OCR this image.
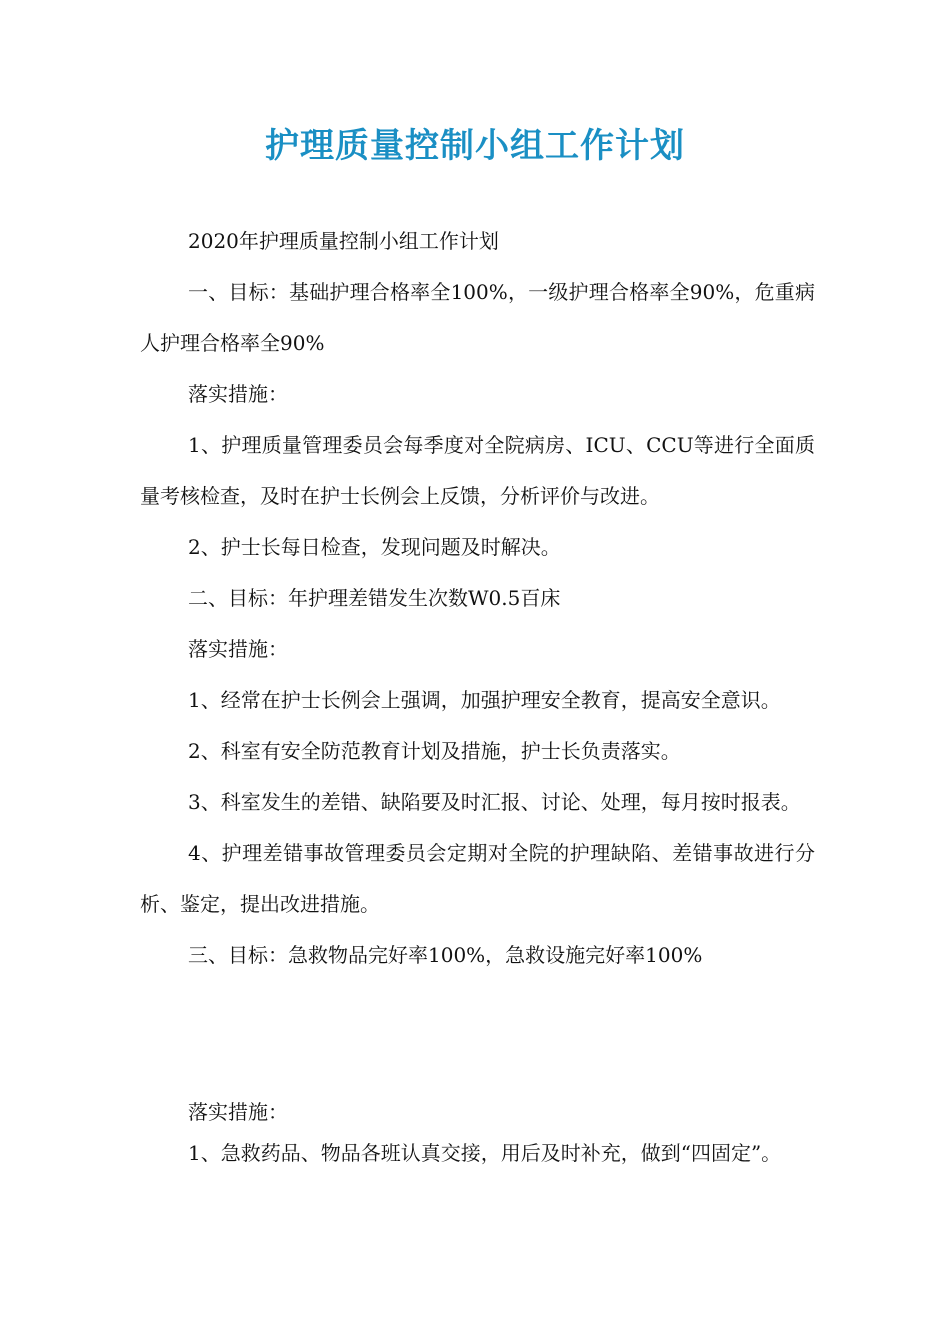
护理质量控制小组工作计划

2020年护理质量控制小组工作计划

一、目标：基础护理合格率全100%，一级护理合格率全90%，危重病人护理合格率全90%

落实措施：

1、护理质量管理委员会每季度对全院病房、ICU、CCU等进行全面质量考核检查，及时在护士长例会上反馈，分析评价与改进。

2、护士长每日检查，发现问题及时解决。

二、目标：年护理差错发生次数W0.5百床

落实措施：

1、经常在护士长例会上强调，加强护理安全教育，提高安全意识。

2、科室有安全防范教育计划及措施，护士长负责落实。

3、科室发生的差错、缺陷要及时汇报、讨论、处理，每月按时报表。

4、护理差错事故管理委员会定期对全院的护理缺陷、差错事故进行分析、鉴定，提出改进措施。

三、目标：急救物品完好率100%，急救设施完好率100%

落实措施：

1、急救药品、物品各班认真交接，用后及时补充，做到“四固定”。
